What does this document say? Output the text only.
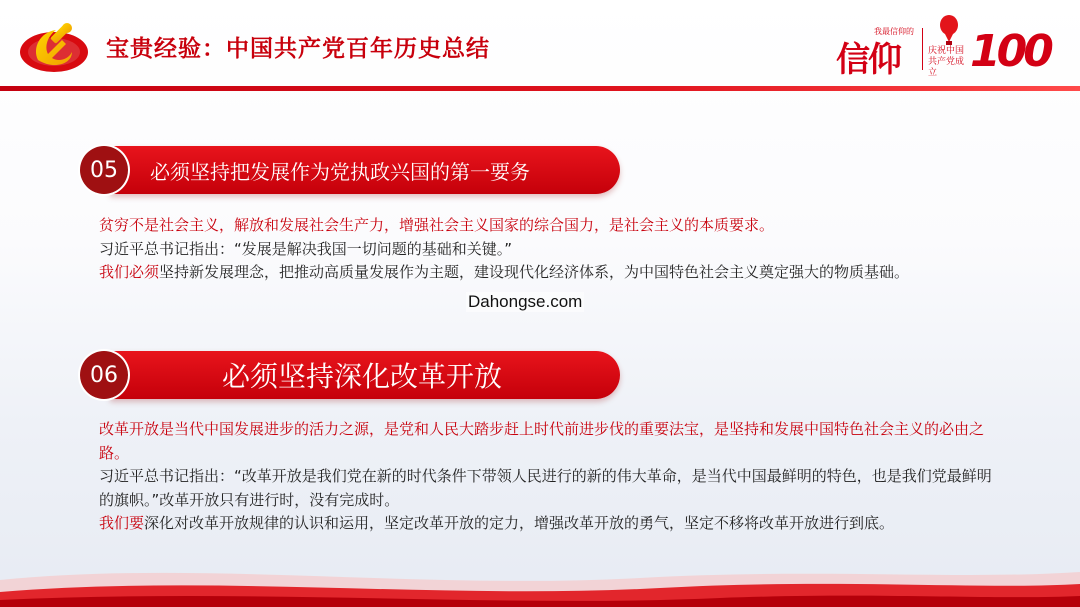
宝贵经验：中国共产党百年历史总结	信仰
我最信仰的
庆祝中国共产党成立 100
05	必须坚持把发展作为党执政兴国的第一要务
贫穷不是社会主义，解放和发展社会生产力，增强社会主义国家的综合国力，是社会主义的本质要求。
习近平总书记指出：“发展是解决我国一切问题的基础和关键。”
我们必须坚持新发展理念，把推动高质量发展作为主题，建设现代化经济体系，为中国特色社会主义奠定强大的物质基础。
Dahongse.com
06	必须坚持深化改革开放
改革开放是当代中国发展进步的活力之源，是党和人民大踏步赶上时代前进步伐的重要法宝，是坚持和发展中国特色社会主义的必由之路。
习近平总书记指出：“改革开放是我们党在新的时代条件下带领人民进行的新的伟大革命，是当代中国最鲜明的特色，也是我们党最鲜明的旗帜。”改革开放只有进行时，没有完成时。
我们要深化对改革开放规律的认识和运用，坚定改革开放的定力，增强改革开放的勇气，坚定不移将改革开放进行到底。
